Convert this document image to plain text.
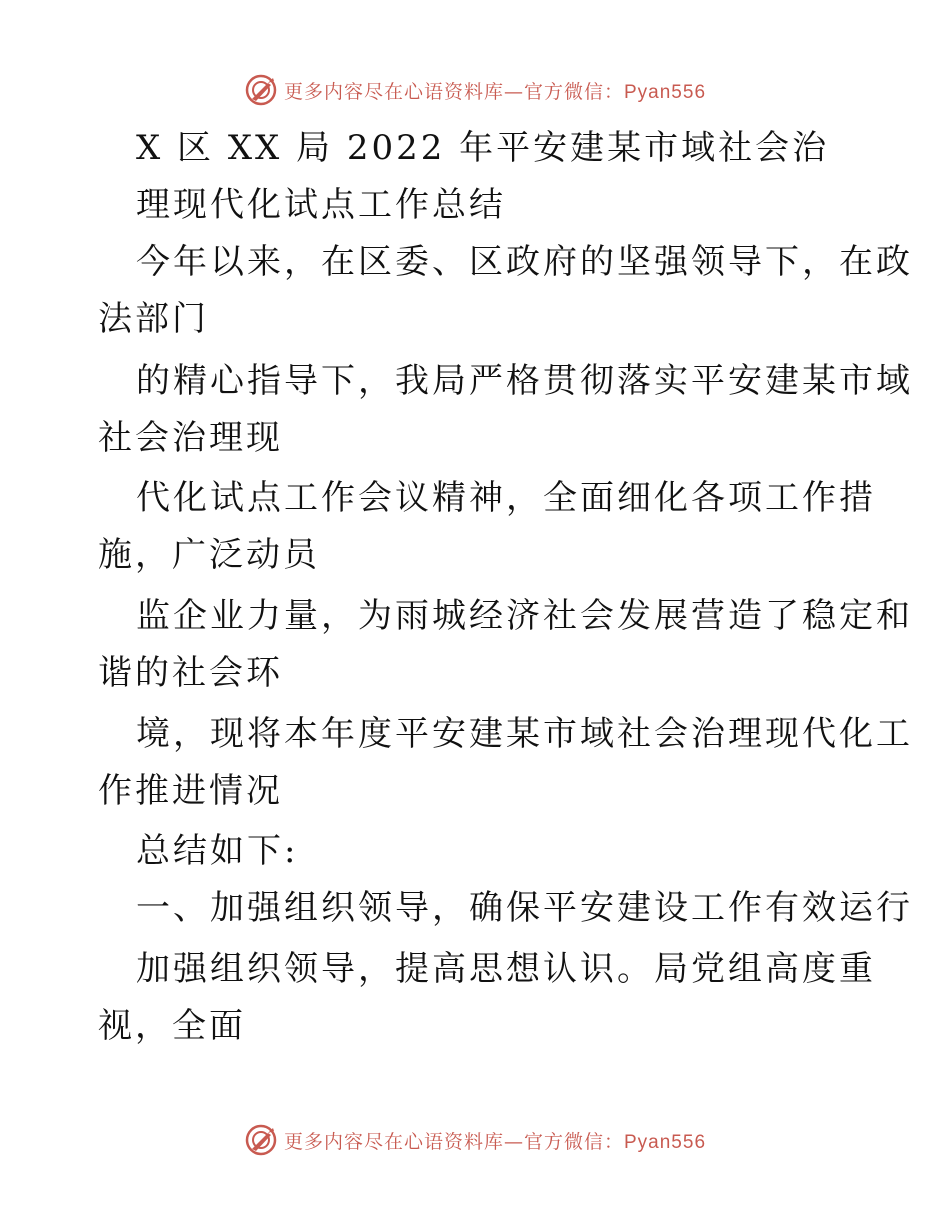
更多内容尽在心语资料库—官方微信：Pyan556
X 区 XX 局 2022 年平安建某市域社会治
理现代化试点工作总结
今年以来，在区委、区政府的坚强领导下，在政
法部门
的精心指导下，我局严格贯彻落实平安建某市域
社会治理现
代化试点工作会议精神，全面细化各项工作措
施，广泛动员
监企业力量，为雨城经济社会发展营造了稳定和
谐的社会环
境，现将本年度平安建某市域社会治理现代化工
作推进情况
总结如下:
一、加强组织领导，确保平安建设工作有效运行
加强组织领导，提高思想认识。局党组高度重
视，全面
更多内容尽在心语资料库—官方微信：Pyan556
